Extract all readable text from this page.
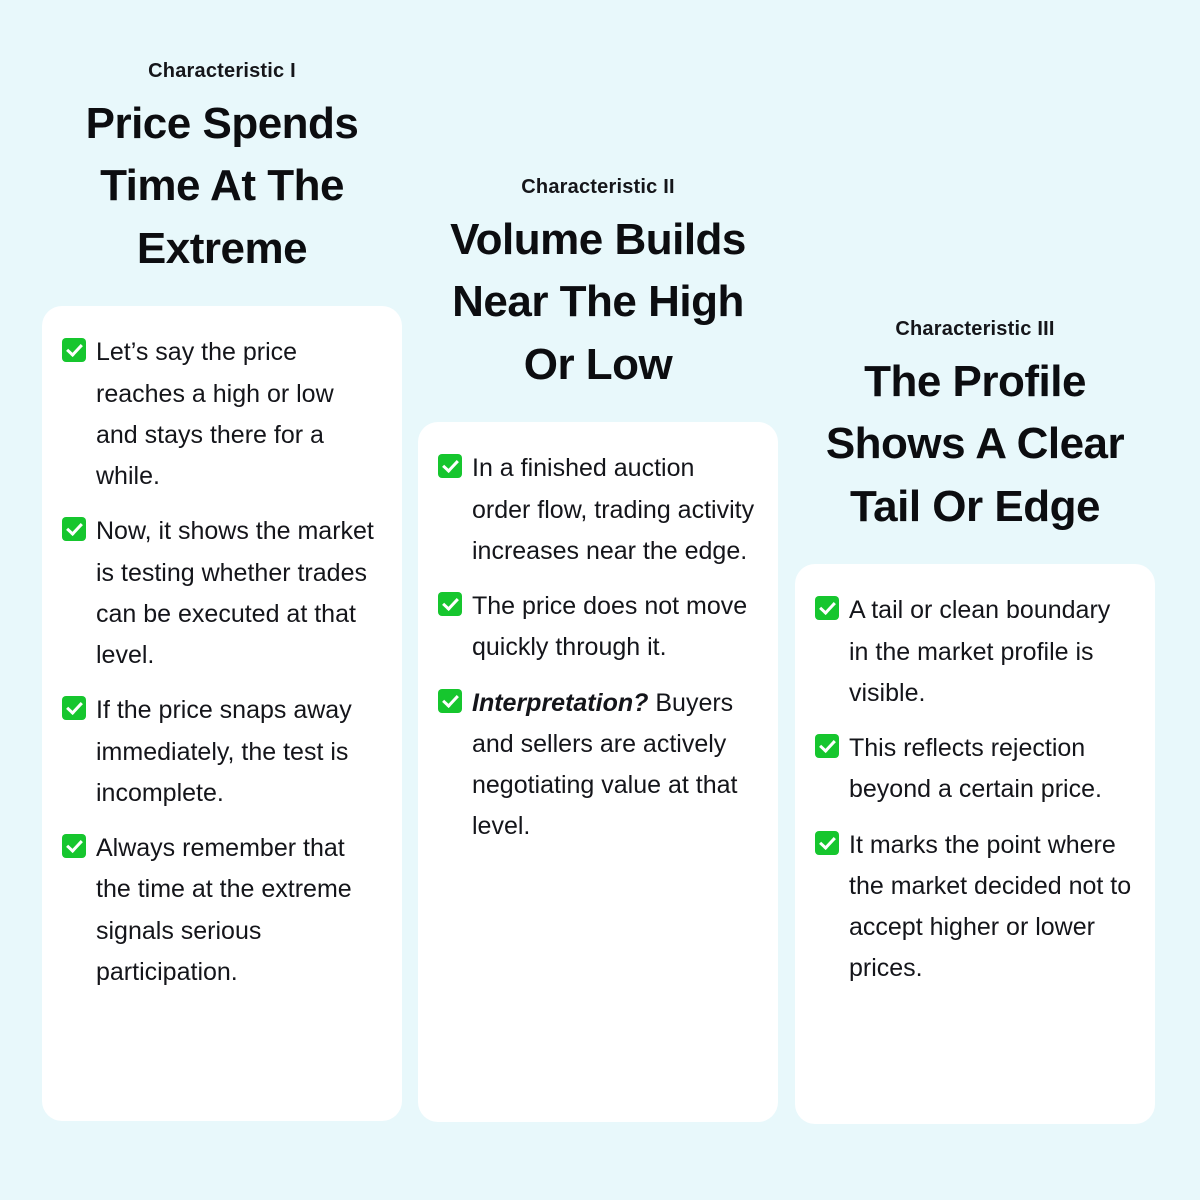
Characteristic I
Price Spends Time At The Extreme
Let’s say the price reaches a high or low and stays there for a while.
Now, it shows the market is testing whether trades can be executed at that level.
If the price snaps away immediately, the test is incomplete.
Always remember that the time at the extreme signals serious participation.
Characteristic II
Volume Builds Near The High Or Low
In a finished auction order flow, trading activity increases near the edge.
The price does not move quickly through it.
Interpretation? Buyers and sellers are actively negotiating value at that level.
Characteristic III
The Profile Shows A Clear Tail Or Edge
A tail or clean boundary in the market profile is visible.
This reflects rejection beyond a certain price.
It marks the point where the market decided not to accept higher or lower prices.
